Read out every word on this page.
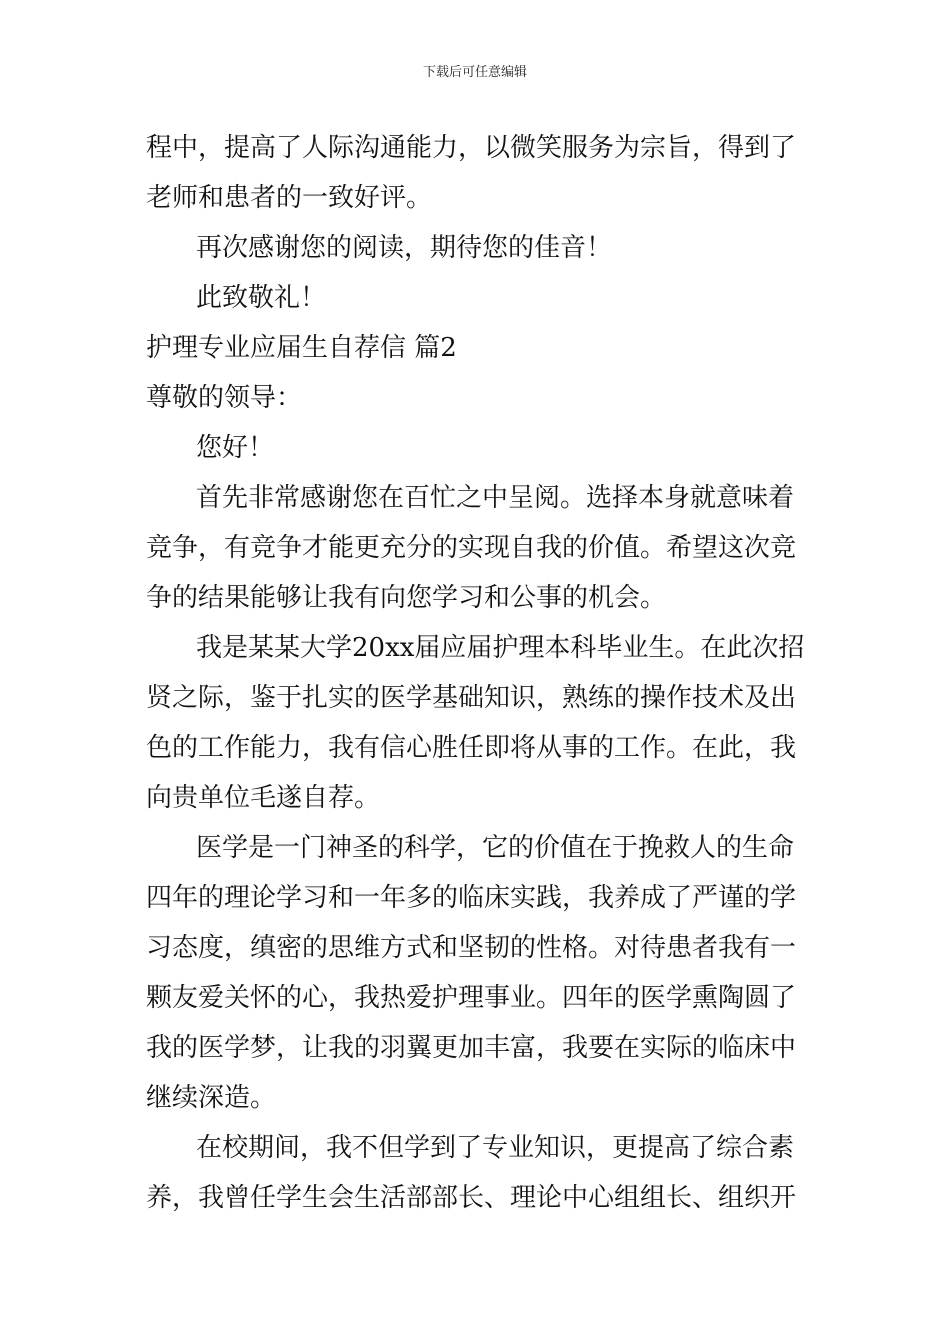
下载后可任意编辑
程中，提高了人际沟通能力，以微笑服务为宗旨，得到了
老师和患者的一致好评。
再次感谢您的阅读，期待您的佳音！
此致敬礼！
护理专业应届生自荐信 篇2
尊敬的领导：
您好！
首先非常感谢您在百忙之中呈阅。选择本身就意味着
竞争，有竞争才能更充分的实现自我的价值。希望这次竞
争的结果能够让我有向您学习和公事的机会。
我是某某大学20xx届应届护理本科毕业生。在此次招
贤之际，鉴于扎实的医学基础知识，熟练的操作技术及出
色的工作能力，我有信心胜任即将从事的工作。在此，我
向贵单位毛遂自荐。
医学是一门神圣的科学，它的价值在于挽救人的生命
四年的理论学习和一年多的临床实践，我养成了严谨的学
习态度，缜密的思维方式和坚韧的性格。对待患者我有一
颗友爱关怀的心，我热爱护理事业。四年的医学熏陶圆了
我的医学梦，让我的羽翼更加丰富，我要在实际的临床中
继续深造。
在校期间，我不但学到了专业知识，更提高了综合素
养，我曾任学生会生活部部长、理论中心组组长、组织开
